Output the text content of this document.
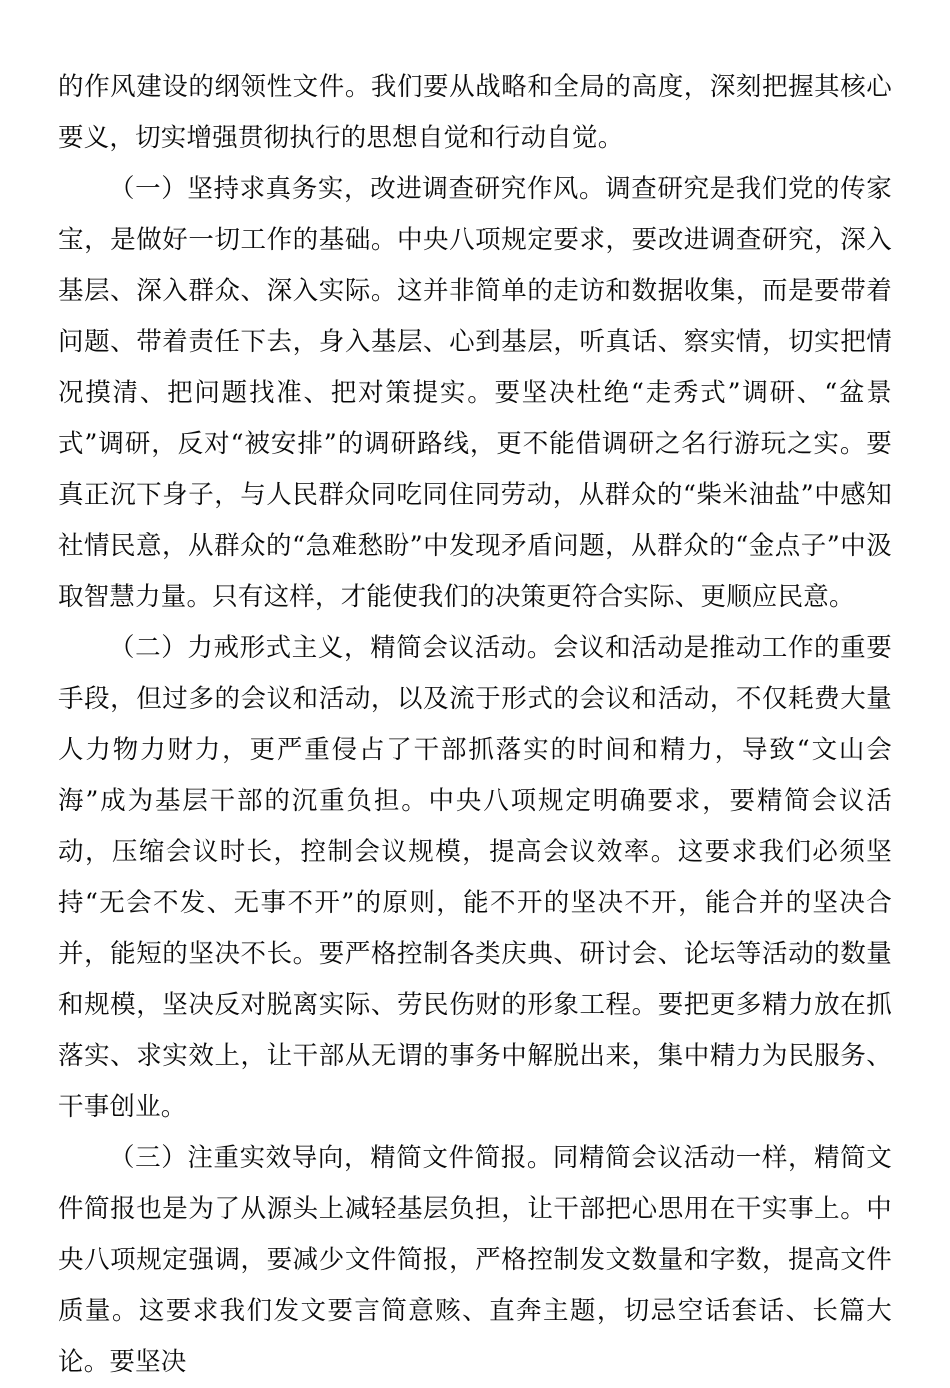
的作风建设的纲领性文件。我们要从战略和全局的高度，深刻把握其核心要义，切实增强贯彻执行的思想自觉和行动自觉。

（一）坚持求真务实，改进调查研究作风。调查研究是我们党的传家宝，是做好一切工作的基础。中央八项规定要求，要改进调查研究，深入基层、深入群众、深入实际。这并非简单的走访和数据收集，而是要带着问题、带着责任下去，身入基层、心到基层，听真话、察实情，切实把情况摸清、把问题找准、把对策提实。要坚决杜绝“走秀式”调研、“盆景式”调研，反对“被安排”的调研路线，更不能借调研之名行游玩之实。要真正沉下身子，与人民群众同吃同住同劳动，从群众的“柴米油盐”中感知社情民意，从群众的“急难愁盼”中发现矛盾问题，从群众的“金点子”中汲取智慧力量。只有这样，才能使我们的决策更符合实际、更顺应民意。

（二）力戒形式主义，精简会议活动。会议和活动是推动工作的重要手段，但过多的会议和活动，以及流于形式的会议和活动，不仅耗费大量人力物力财力，更严重侵占了干部抓落实的时间和精力，导致“文山会海”成为基层干部的沉重负担。中央八项规定明确要求，要精简会议活动，压缩会议时长，控制会议规模，提高会议效率。这要求我们必须坚持“无会不发、无事不开”的原则，能不开的坚决不开，能合并的坚决合并，能短的坚决不长。要严格控制各类庆典、研讨会、论坛等活动的数量和规模，坚决反对脱离实际、劳民伤财的形象工程。要把更多精力放在抓落实、求实效上，让干部从无谓的事务中解脱出来，集中精力为民服务、干事创业。

（三）注重实效导向，精简文件简报。同精简会议活动一样，精简文件简报也是为了从源头上减轻基层负担，让干部把心思用在干实事上。中央八项规定强调，要减少文件简报，严格控制发文数量和字数，提高文件质量。这要求我们发文要言简意赅、直奔主题，切忌空话套话、长篇大论。要坚决
